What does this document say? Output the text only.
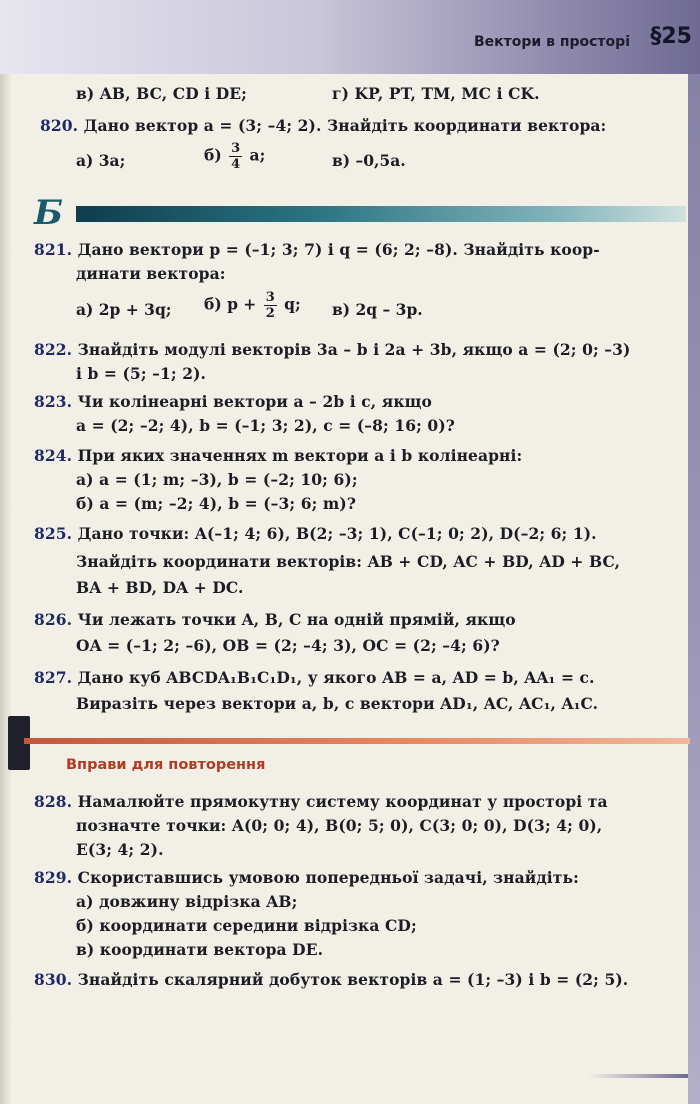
Вектори в просторі §25
в) AB, BC, CD і DE;	г) KP, PT, TM, MC і CK.
820. Дано вектор a = (3; –4; 2). Знайдіть координати вектора:
а) 3a;	$б) \frac{3}{4} a$;	в) –0,5a.
Б
821. Дано вектори p = (–1; 3; 7) і q = (6; 2; –8). Знайдіть коор-
динати вектора:
а) 2p + 3q; б) $p + \frac{3}{2} q$; в) 2q – 3p.
822. Знайдіть модулі векторів 3a – b і 2a + 3b, якщо a = (2; 0; –3)
і b = (5; –1; 2).
823. Чи колінеарні вектори a – 2b і c, якщо
a = (2; –2; 4), b = (–1; 3; 2), c = (–8; 16; 0)?
824. При яких значеннях m вектори a і b колінеарні:
а) a = (1; m; –3), b = (–2; 10; 6);
б) a = (m; –2; 4), b = (–3; 6; m)?
825. Дано точки: A(–1; 4; 6), B(2; –3; 1), C(–1; 0; 2), D(–2; 6; 1).
Знайдіть координати векторів: AB + CD, AC + BD, AD + BC,
BA + BD, DA + DC.
826. Чи лежать точки A, B, C на одній прямій, якщо
OA = (–1; 2; –6), OB = (2; –4; 3), OC = (2; –4; 6)?
827. Дано куб ABCDA₁B₁C₁D₁, у якого AB = a, AD = b, AA₁ = c.
Виразіть через вектори a, b, c вектори AD₁, AC, AC₁, A₁C.
Вправи для повторення
828. Намалюйте прямокутну систему координат у просторі та
позначте точки: A(0; 0; 4), B(0; 5; 0), C(3; 0; 0), D(3; 4; 0),
E(3; 4; 2).
829. Скориставшись умовою попередньої задачі, знайдіть:
а) довжину відрізка AB;
б) координати середини відрізка CD;
в) координати вектора DE.
830. Знайдіть скалярний добуток векторів a = (1; –3) і b = (2; 5).
